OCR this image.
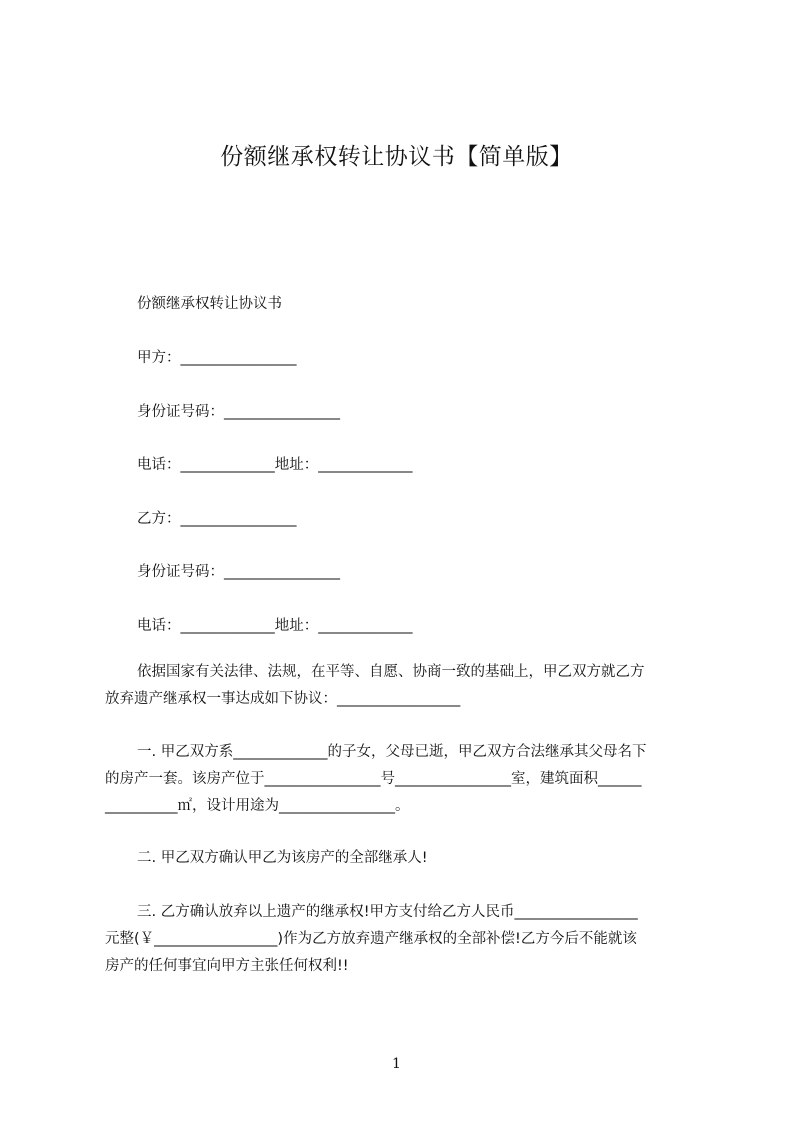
份额继承权转让协议书【简单版】
份额继承权转让协议书
甲方：________________
身份证号码：________________
电话：_____________地址：_____________
乙方：________________
身份证号码：________________
电话：_____________地址：_____________
依据国家有关法律、法规，在平等、自愿、协商一致的基础上，甲乙双方就乙方
放弃遗产继承权一事达成如下协议：_________________
一. 甲乙双方系_____________的子女，父母已逝，甲乙双方合法继承其父母名下
的房产一套。该房产位于________________号________________室，建筑面积______
__________㎡，设计用途为________________。
二. 甲乙双方确认甲乙为该房产的全部继承人!
三. 乙方确认放弃以上遗产的继承权!甲方支付给乙方人民币_________________
元整(￥_________________)作为乙方放弃遗产继承权的全部补偿!乙方今后不能就该
房产的任何事宜向甲方主张任何权利!!
1
